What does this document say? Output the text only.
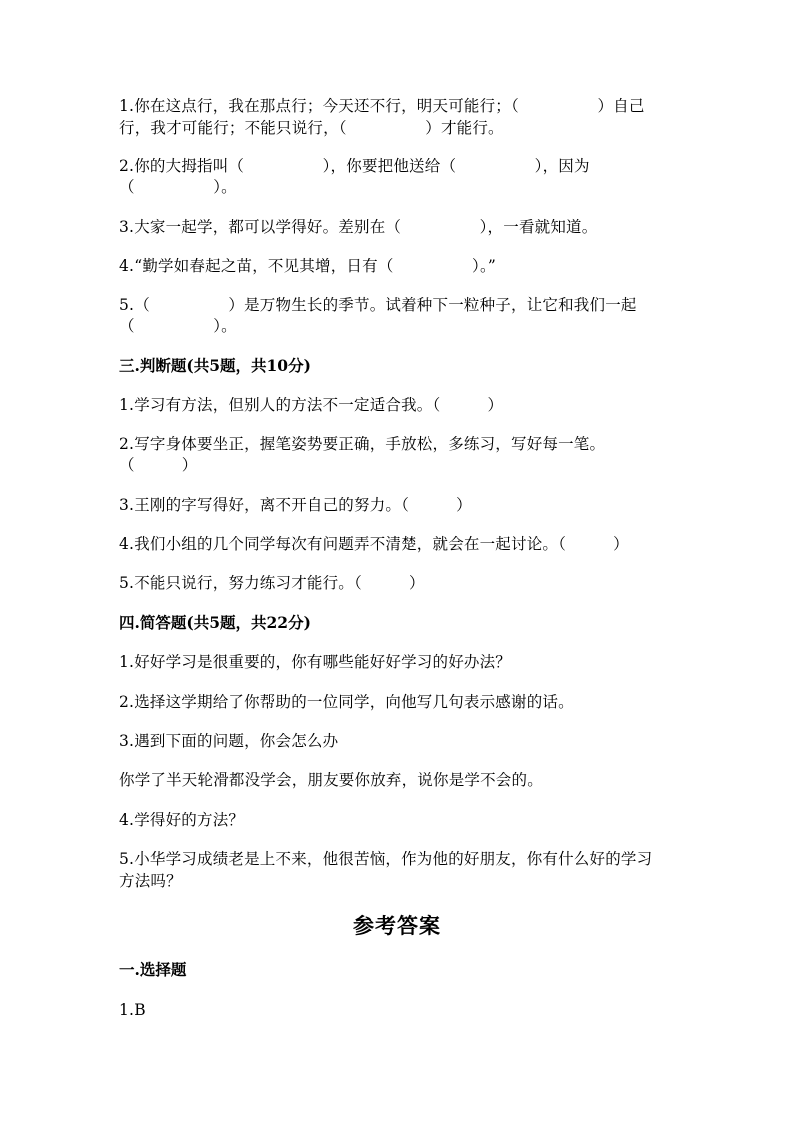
1.你在这点行，我在那点行；今天还不行，明天可能行；（　　　　　）自己
行，我才可能行；不能只说行，（　　　　　）才能行。
2.你的大拇指叫（　　　　　），你要把他送给（　　　　　），因为
（　　　　　）。
3.大家一起学，都可以学得好。差别在（　　　　　），一看就知道。
4.“勤学如春起之苗，不见其增，日有（　　　　　）。”
5.（　　　　　）是万物生长的季节。试着种下一粒种子，让它和我们一起
（　　　　　）。
三.判断题(共5题，共10分)
1.学习有方法，但别人的方法不一定适合我。（　　　）
2.写字身体要坐正，握笔姿势要正确，手放松，多练习，写好每一笔。
（　　　）
3.王刚的字写得好，离不开自己的努力。（　　　）
4.我们小组的几个同学每次有问题弄不清楚，就会在一起讨论。（　　　）
5.不能只说行，努力练习才能行。（　　　）
四.简答题(共5题，共22分)
1.好好学习是很重要的，你有哪些能好好学习的好办法？
2.选择这学期给了你帮助的一位同学，向他写几句表示感谢的话。
3.遇到下面的问题，你会怎么办
你学了半天轮滑都没学会，朋友要你放弃，说你是学不会的。
4.学得好的方法？
5.小华学习成绩老是上不来，他很苦恼，作为他的好朋友，你有什么好的学习
方法吗？
参考答案
一.选择题
1.B
